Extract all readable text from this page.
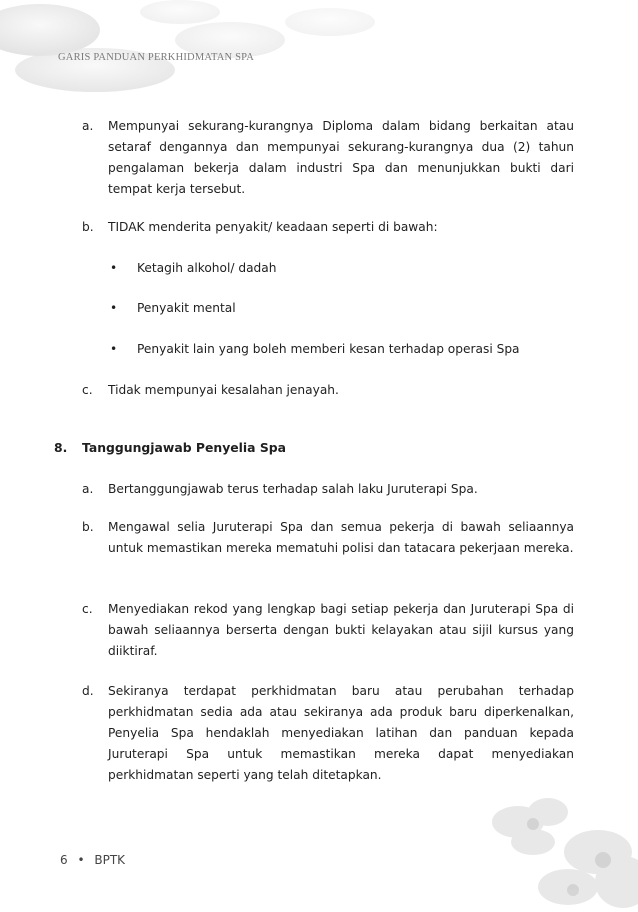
GARIS PANDUAN PERKHIDMATAN SPA
a. Mempunyai sekurang-kurangnya Diploma dalam bidang berkaitan atau setaraf dengannya dan mempunyai sekurang-kurangnya dua (2) tahun pengalaman bekerja dalam industri Spa dan menunjukkan bukti dari tempat kerja tersebut.
b. TIDAK menderita penyakit/ keadaan seperti di bawah:
• Ketagih alkohol/ dadah
• Penyakit mental
• Penyakit lain yang boleh memberi kesan terhadap operasi Spa
c. Tidak mempunyai kesalahan jenayah.
8. Tanggungjawab Penyelia Spa
a. Bertanggungjawab terus terhadap salah laku Juruterapi Spa.
b. Mengawal selia Juruterapi Spa dan semua pekerja di bawah seliaannya untuk memastikan mereka mematuhi polisi dan tatacara pekerjaan mereka.
c. Menyediakan rekod yang lengkap bagi setiap pekerja dan Juruterapi Spa di bawah seliaannya berserta dengan bukti kelayakan atau sijil kursus yang diiktiraf.
d. Sekiranya terdapat perkhidmatan baru atau perubahan terhadap perkhidmatan sedia ada atau sekiranya ada produk baru diperkenalkan, Penyelia Spa hendaklah menyediakan latihan dan panduan kepada Juruterapi Spa untuk memastikan mereka dapat menyediakan perkhidmatan seperti yang telah ditetapkan.
6 • BPTK
